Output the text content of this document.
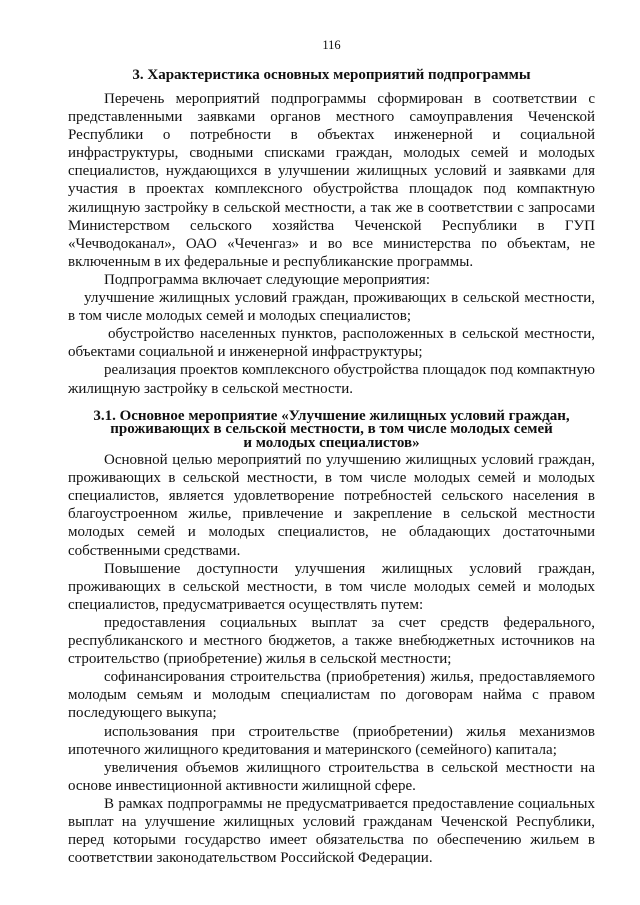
116
3. Характеристика основных мероприятий подпрограммы

Перечень мероприятий подпрограммы сформирован в соответствии с представленными заявками органов местного самоуправления Чеченской Республики о потребности в объектах инженерной и социальной инфраструктуры, сводными списками граждан, молодых семей и молодых специалистов, нуждающихся в улучшении жилищных условий и заявками для участия в проектах комплексного обустройства площадок под компактную жилищную застройку в сельской местности, а так же в соответствии с запросами Министерством сельского хозяйства Чеченской Республики в ГУП «Чечводоканал», ОАО «Чеченгаз» и во все министерства по объектам, не включенным в их федеральные и республиканские программы.

Подпрограмма включает следующие мероприятия:

улучшение жилищных условий граждан, проживающих в сельской местности, в том числе молодых семей и молодых специалистов;

обустройство населенных пунктов, расположенных в сельской местности, объектами социальной и инженерной инфраструктуры;

реализация проектов комплексного обустройства площадок под компактную жилищную застройку в сельской местности.

3.1. Основное мероприятие «Улучшение жилищных условий граждан,
проживающих в сельской местности, в том числе молодых семей
и молодых специалистов»

Основной целью мероприятий по улучшению жилищных условий граждан, проживающих в сельской местности, в том числе молодых семей и молодых специалистов, является удовлетворение потребностей сельского населения в благоустроенном жилье, привлечение и закрепление в сельской местности молодых семей и молодых специалистов, не обладающих достаточными собственными средствами.

Повышение доступности улучшения жилищных условий граждан, проживающих в сельской местности, в том числе молодых семей и молодых специалистов, предусматривается осуществлять путем:

предоставления социальных выплат за счет средств федерального, республиканского и местного бюджетов, а также внебюджетных источников на строительство (приобретение) жилья в сельской местности;

софинансирования строительства (приобретения) жилья, предоставляемого молодым семьям и молодым специалистам по договорам найма с правом последующего выкупа;

использования при строительстве (приобретении) жилья механизмов ипотечного жилищного кредитования и материнского (семейного) капитала;

увеличения объемов жилищного строительства в сельской местности на основе инвестиционной активности жилищной сфере.

В рамках подпрограммы не предусматривается предоставление социальных выплат на улучшение жилищных условий гражданам Чеченской Республики, перед которыми государство имеет обязательства по обеспечению жильем в соответствии законодательством Российской Федерации.
